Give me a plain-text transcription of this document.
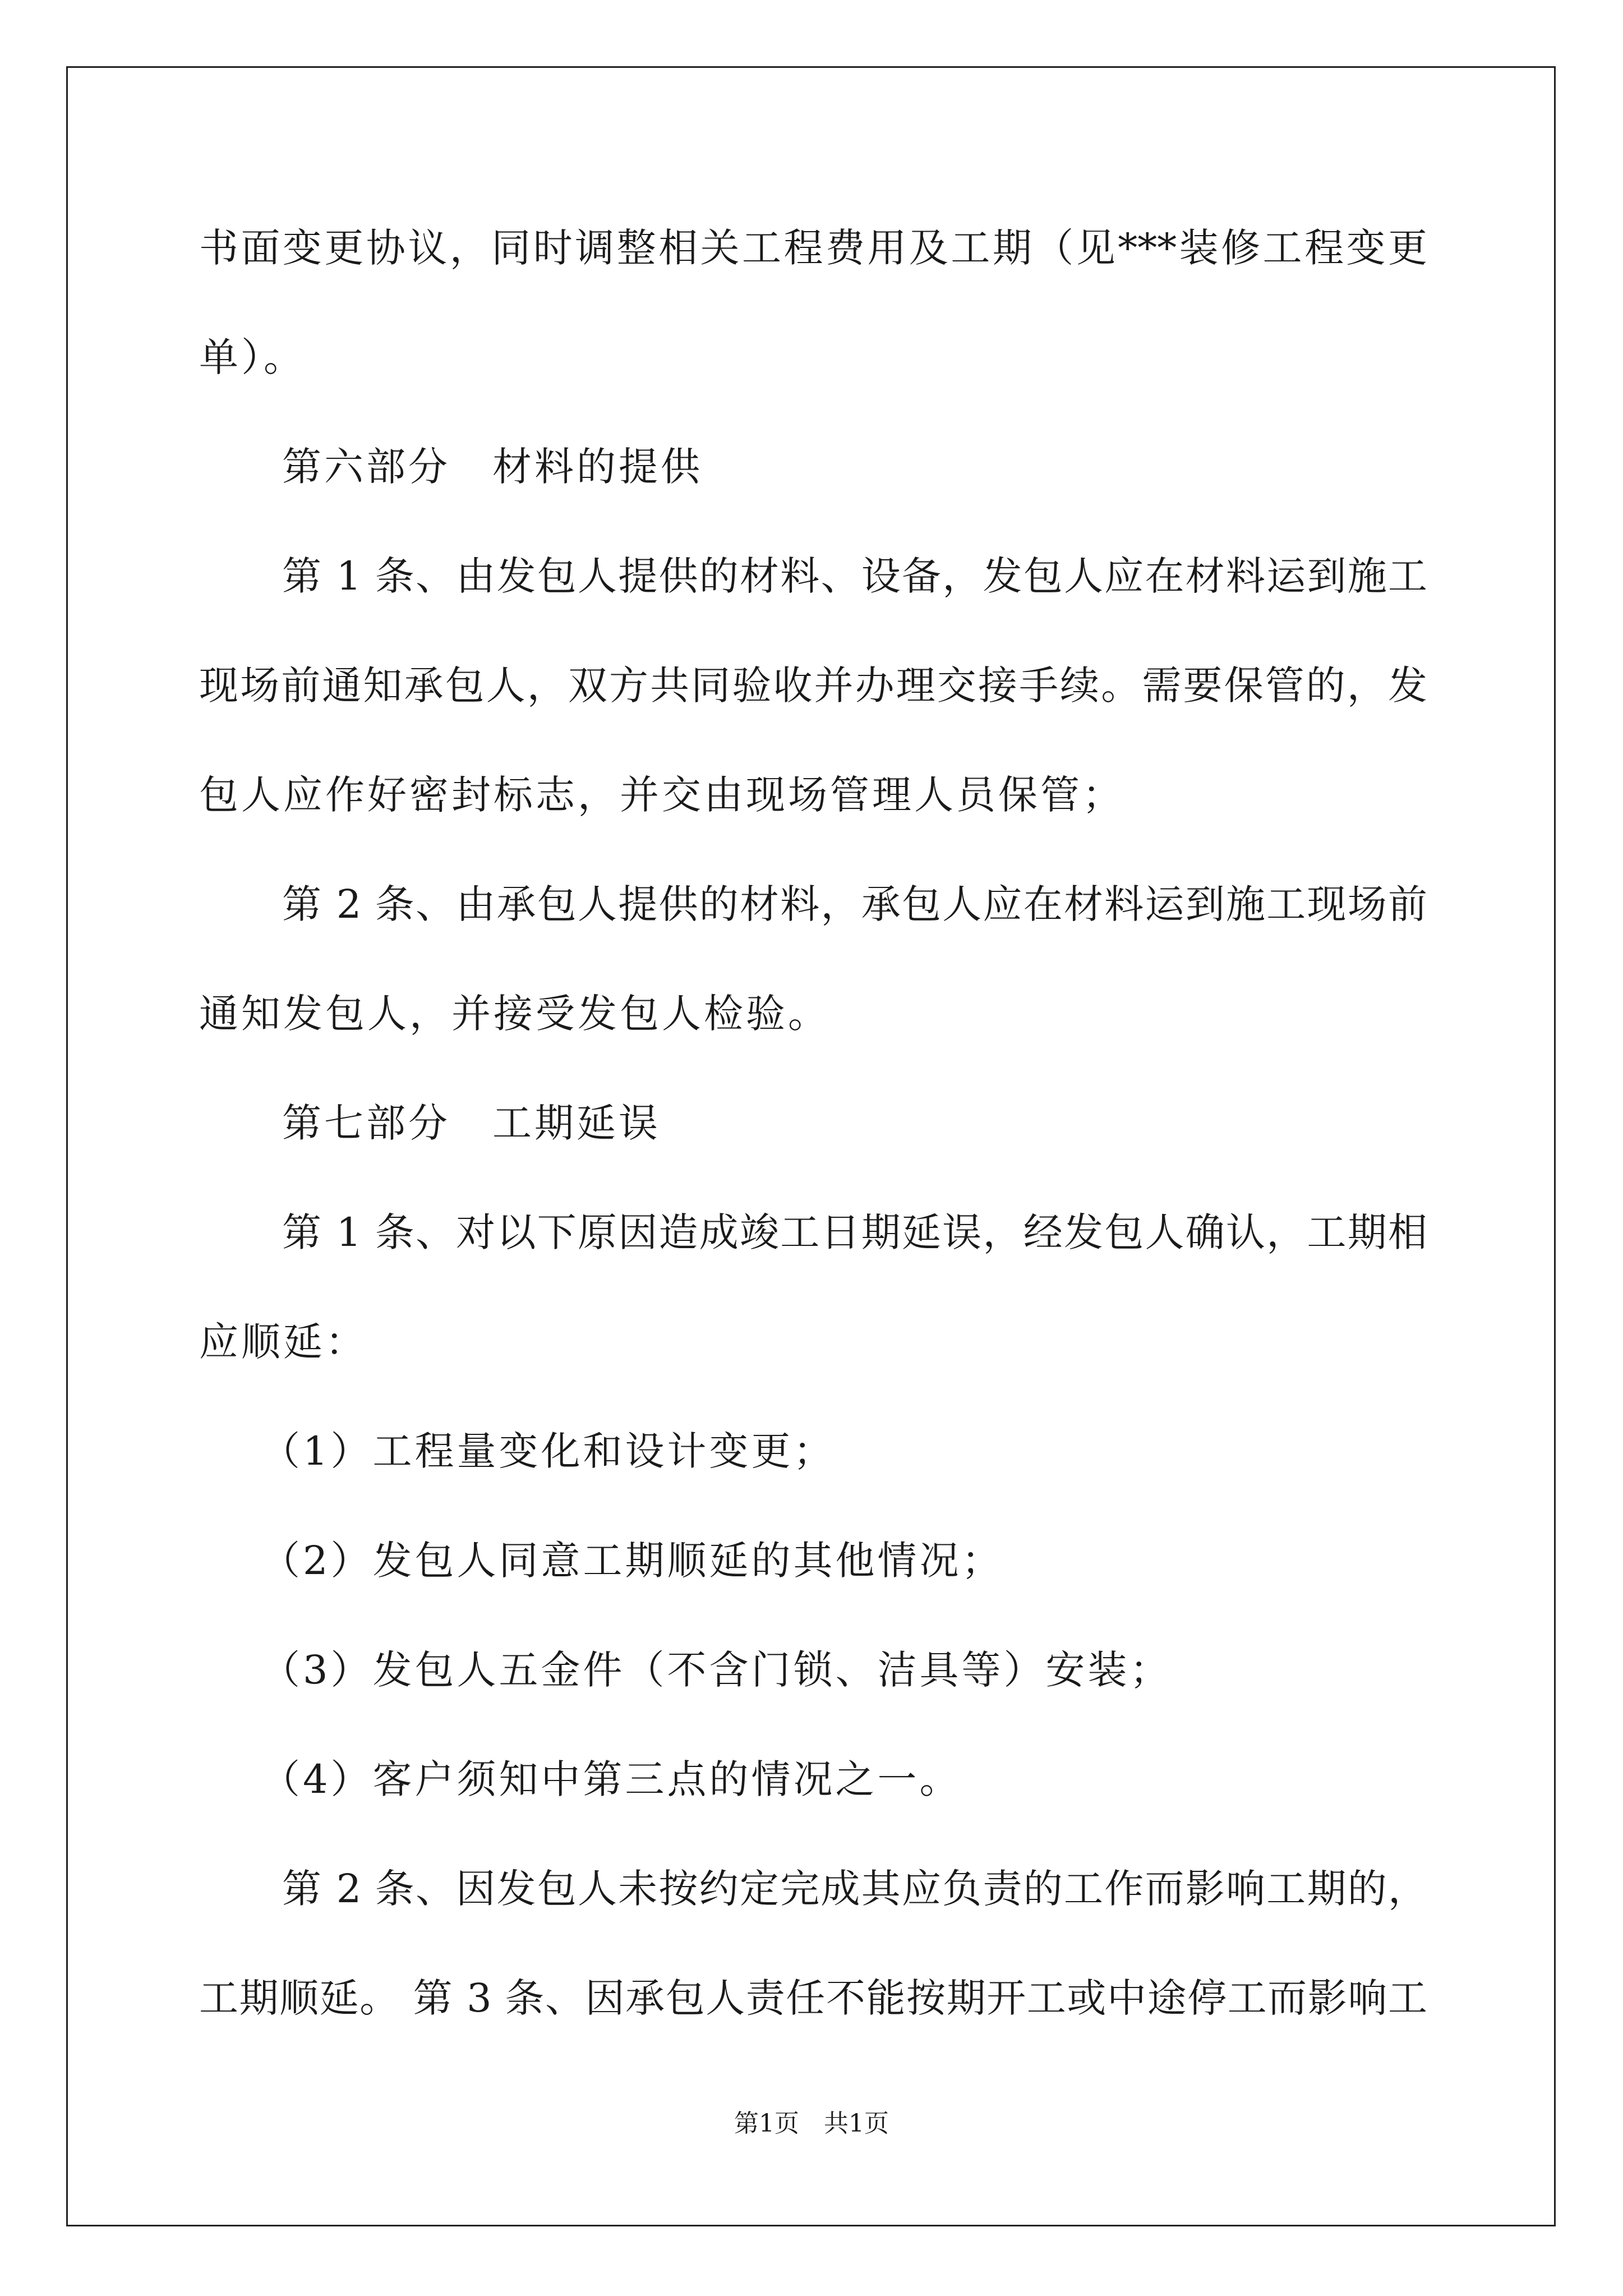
书面变更协议，同时调整相关工程费用及工期（见***装修工程变更
单）。
第六部分　材料的提供
第 1 条、由发包人提供的材料、设备，发包人应在材料运到施工
现场前通知承包人，双方共同验收并办理交接手续。需要保管的，发
包人应作好密封标志，并交由现场管理人员保管；
第 2 条、由承包人提供的材料，承包人应在材料运到施工现场前
通知发包人，并接受发包人检验。
第七部分　工期延误
第 1 条、对以下原因造成竣工日期延误，经发包人确认，工期相
应顺延：
（1）工程量变化和设计变更；
（2）发包人同意工期顺延的其他情况；
（3）发包人五金件（不含门锁、洁具等）安装；
（4）客户须知中第三点的情况之一。
第 2 条、因发包人未按约定完成其应负责的工作而影响工期的，
工期顺延。 第 3 条、因承包人责任不能按期开工或中途停工而影响工
第1页　共1页
